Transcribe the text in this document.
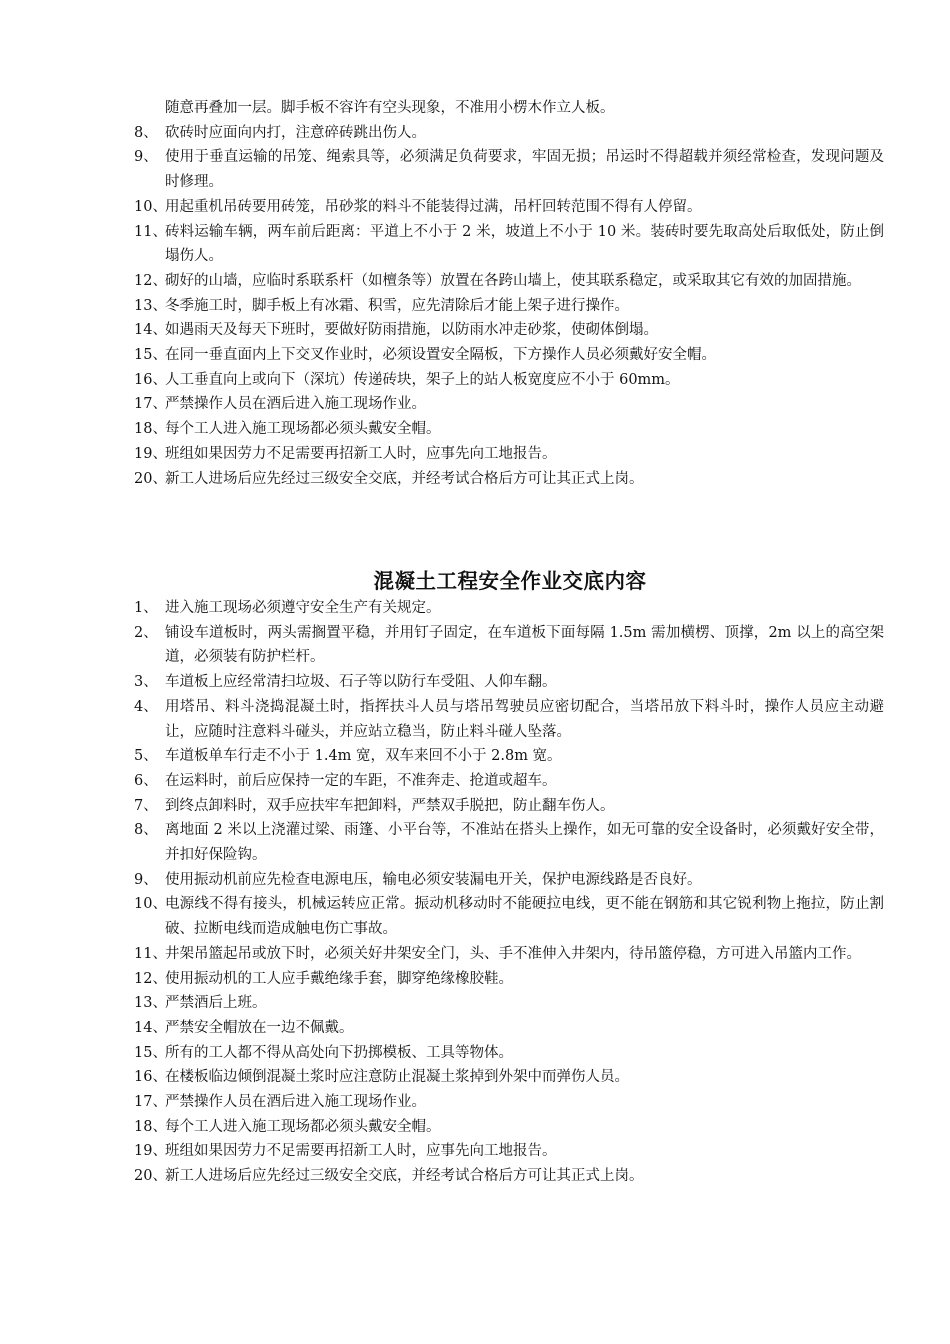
随意再叠加一层。脚手板不容许有空头现象，不准用小楞木作立人板。
8、 砍砖时应面向内打，注意碎砖跳出伤人。
9、 使用于垂直运输的吊笼、绳索具等，必须满足负荷要求，牢固无损；吊运时不得超载并须经常检查，发现问题及时修理。
10、
用起重机吊砖要用砖笼，吊砂浆的料斗不能装得过满，吊杆回转范围不得有人停留。
11、
砖料运输车辆，两车前后距离：平道上不小于 2 米，坡道上不小于 10 米。装砖时要先取高处后取低处，防止倒塌伤人。
12、
砌好的山墙，应临时系联系杆（如檀条等）放置在各跨山墙上，使其联系稳定，或采取其它有效的加固措施。
13、
冬季施工时，脚手板上有冰霜、积雪，应先清除后才能上架子进行操作。
14、
如遇雨天及每天下班时，要做好防雨措施，以防雨水冲走砂浆，使砌体倒塌。
15、
在同一垂直面内上下交叉作业时，必须设置安全隔板，下方操作人员必须戴好安全帽。
16、
人工垂直向上或向下（深坑）传递砖块，架子上的站人板宽度应不小于 60mm。
17、
严禁操作人员在酒后进入施工现场作业。
18、
每个工人进入施工现场都必须头戴安全帽。
19、
班组如果因劳力不足需要再招新工人时，应事先向工地报告。
20、
新工人进场后应先经过三级安全交底，并经考试合格后方可让其正式上岗。
混凝土工程安全作业交底内容
1、 进入施工现场必须遵守安全生产有关规定。
2、 铺设车道板时，两头需搁置平稳，并用钉子固定，在车道板下面每隔 1.5m 需加横楞、顶撑，2m 以上的高空架道，必须装有防护栏杆。
3、 车道板上应经常清扫垃圾、石子等以防行车受阻、人仰车翻。
4、 用塔吊、料斗浇捣混凝土时，指挥扶斗人员与塔吊驾驶员应密切配合，当塔吊放下料斗时，操作人员应主动避让，应随时注意料斗碰头，并应站立稳当，防止料斗碰人坠落。
5、 车道板单车行走不小于 1.4m 宽，双车来回不小于 2.8m 宽。
6、 在运料时，前后应保持一定的车距，不准奔走、抢道或超车。
7、 到终点卸料时，双手应扶牢车把卸料，严禁双手脱把，防止翻车伤人。
8、 离地面 2 米以上浇灌过梁、雨篷、小平台等，不准站在搭头上操作，如无可靠的安全设备时，必须戴好安全带，并扣好保险钩。
9、 使用振动机前应先检查电源电压，输电必须安装漏电开关，保护电源线路是否良好。
10、
电源线不得有接头，机械运转应正常。振动机移动时不能硬拉电线，更不能在钢筋和其它锐利物上拖拉，防止割破、拉断电线而造成触电伤亡事故。
11、
井架吊篮起吊或放下时，必须关好井架安全门，头、手不准伸入井架内，待吊篮停稳，方可进入吊篮内工作。
12、
使用振动机的工人应手戴绝缘手套，脚穿绝缘橡胶鞋。
13、
严禁酒后上班。
14、
严禁安全帽放在一边不佩戴。
15、
所有的工人都不得从高处向下扔掷模板、工具等物体。
16、
在楼板临边倾倒混凝土浆时应注意防止混凝土浆掉到外架中而弹伤人员。
17、
严禁操作人员在酒后进入施工现场作业。
18、
每个工人进入施工现场都必须头戴安全帽。
19、
班组如果因劳力不足需要再招新工人时，应事先向工地报告。
20、
新工人进场后应先经过三级安全交底，并经考试合格后方可让其正式上岗。
